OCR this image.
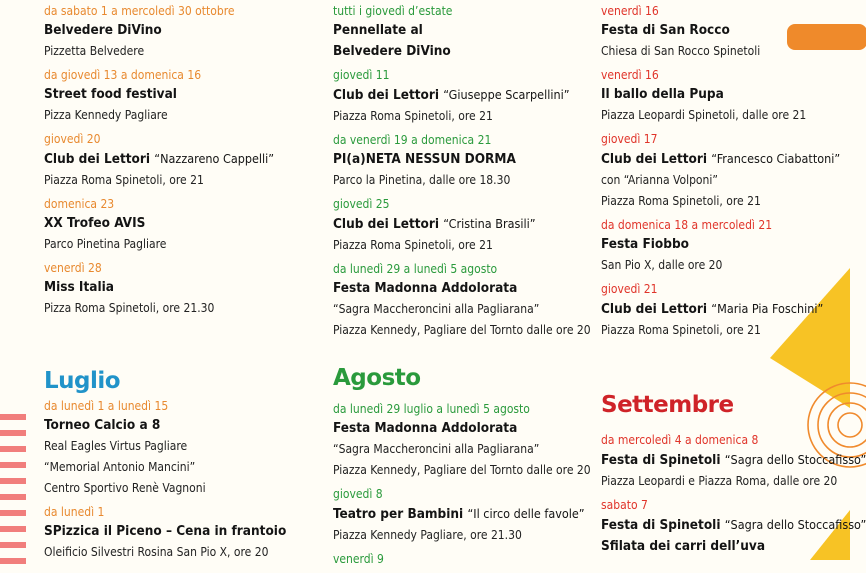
da sabato 1 a mercoledì 30 ottobre
Belvedere DiVino
Pizzetta Belvedere
da giovedì 13 a domenica 16
Street food festival
Pizza Kennedy Pagliare
giovedì 20
Club dei Lettori “Nazzareno Cappelli”
Piazza Roma Spinetoli, ore 21
domenica 23
XX Trofeo AVIS
Parco Pinetina Pagliare
venerdì 28
Miss Italia
Pizza Roma Spinetoli, ore 21.30
Luglio
da lunedì 1 a lunedì 15
Torneo Calcio a 8
Real Eagles Virtus Pagliare
“Memorial Antonio Mancini”
Centro Sportivo Renè Vagnoni
da lunedì 1
SPizzica il Piceno – Cena in frantoio
Oleificio Silvestri Rosina San Pio X, ore 20
tutti i giovedì d’estate
Pennellate al
Belvedere DiVino
giovedì 11
Club dei Lettori “Giuseppe Scarpellini”
Piazza Roma Spinetoli, ore 21
da venerdì 19 a domenica 21
PI(a)NETA NESSUN DORMA
Parco la Pinetina, dalle ore 18.30
giovedì 25
Club dei Lettori “Cristina Brasili”
Piazza Roma Spinetoli, ore 21
da lunedì 29 a lunedì 5 agosto
Festa Madonna Addolorata
“Sagra Maccheroncini alla Pagliarana”
Piazza Kennedy, Pagliare del Tornto dalle ore 20
Agosto
da lunedì 29 luglio a lunedì 5 agosto
Festa Madonna Addolorata
“Sagra Maccheroncini alla Pagliarana”
Piazza Kennedy, Pagliare del Tornto dalle ore 20
giovedì 8
Teatro per Bambini “Il circo delle favole”
Piazza Kennedy Pagliare, ore 21.30
venerdì 9
venerdì 16
Festa di San Rocco
Chiesa di San Rocco Spinetoli
venerdì 16
Il ballo della Pupa
Piazza Leopardi Spinetoli, dalle ore 21
giovedì 17
Club dei Lettori “Francesco Ciabattoni”
con “Arianna Volponi”
Piazza Roma Spinetoli, ore 21
da domenica 18 a mercoledì 21
Festa Fiobbo
San Pio X, dalle ore 20
giovedì 21
Club dei Lettori “Maria Pia Foschini”
Piazza Roma Spinetoli, ore 21
Settembre
da mercoledì 4 a domenica 8
Festa di Spinetoli “Sagra dello Stoccafisso”
Piazza Leopardi e Piazza Roma, dalle ore 20
sabato 7
Festa di Spinetoli “Sagra dello Stoccafisso”
Sfilata dei carri dell’uva
